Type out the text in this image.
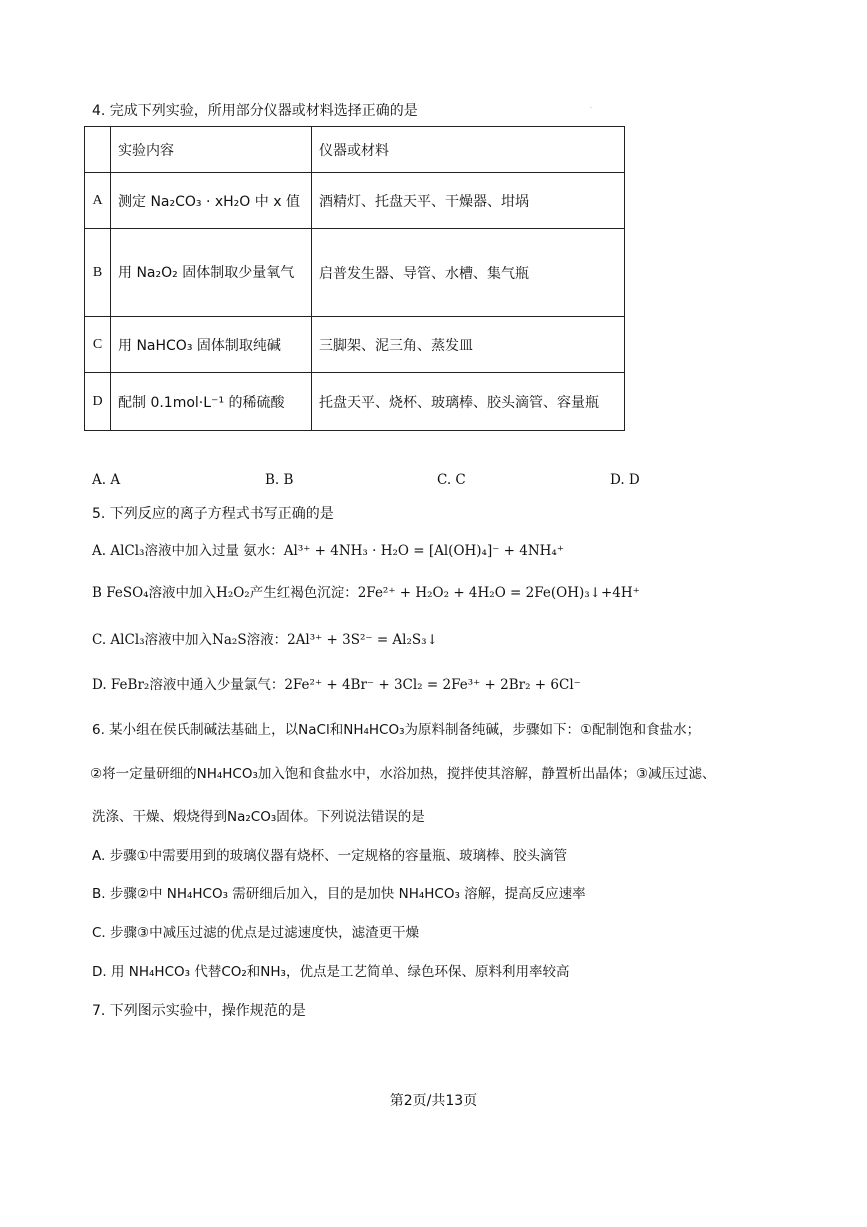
.
4. 完成下列实验，所用部分仪器或材料选择正确的是
	实验内容	仪器或材料
A	测定 Na₂CO₃ · xH₂O 中 x 值	酒精灯、托盘天平、干燥器、坩埚
B	用 Na₂O₂ 固体制取少量氧气	启普发生器、导管、水槽、集气瓶
C	用 NaHCO₃ 固体制取纯碱	三脚架、泥三角、蒸发皿
D	配制 0.1mol·L⁻¹ 的稀硫酸	托盘天平、烧杯、玻璃棒、胶头滴管、容量瓶
A. A	B. B	C. C	D. D
5. 下列反应的离子方程式书写正确的是
A. AlCl₃溶液中加入过量 氨水：Al³⁺ + 4NH₃ · H₂O = [Al(OH)₄]⁻ + 4NH₄⁺
B FeSO₄溶液中加入H₂O₂产生红褐色沉淀：2Fe²⁺ + H₂O₂ + 4H₂O = 2Fe(OH)₃↓+4H⁺
C. AlCl₃溶液中加入Na₂S溶液：2Al³⁺ + 3S²⁻ = Al₂S₃↓
D. FeBr₂溶液中通入少量氯气：2Fe²⁺ + 4Br⁻ + 3Cl₂ = 2Fe³⁺ + 2Br₂ + 6Cl⁻
6. 某小组在侯氏制碱法基础上，以NaCl和NH₄HCO₃为原料制备纯碱，步骤如下：①配制饱和食盐水；
②将一定量研细的NH₄HCO₃加入饱和食盐水中，水浴加热，搅拌使其溶解，静置析出晶体；③减压过滤、
洗涤、干燥、煅烧得到Na₂CO₃固体。下列说法错误的是
A. 步骤①中需要用到的玻璃仪器有烧杯、一定规格的容量瓶、玻璃棒、胶头滴管
B. 步骤②中 NH₄HCO₃ 需研细后加入，目的是加快 NH₄HCO₃ 溶解，提高反应速率
C. 步骤③中减压过滤的优点是过滤速度快，滤渣更干燥
D. 用 NH₄HCO₃ 代替CO₂和NH₃，优点是工艺简单、绿色环保、原料利用率较高
7. 下列图示实验中，操作规范的是
第2页/共13页
